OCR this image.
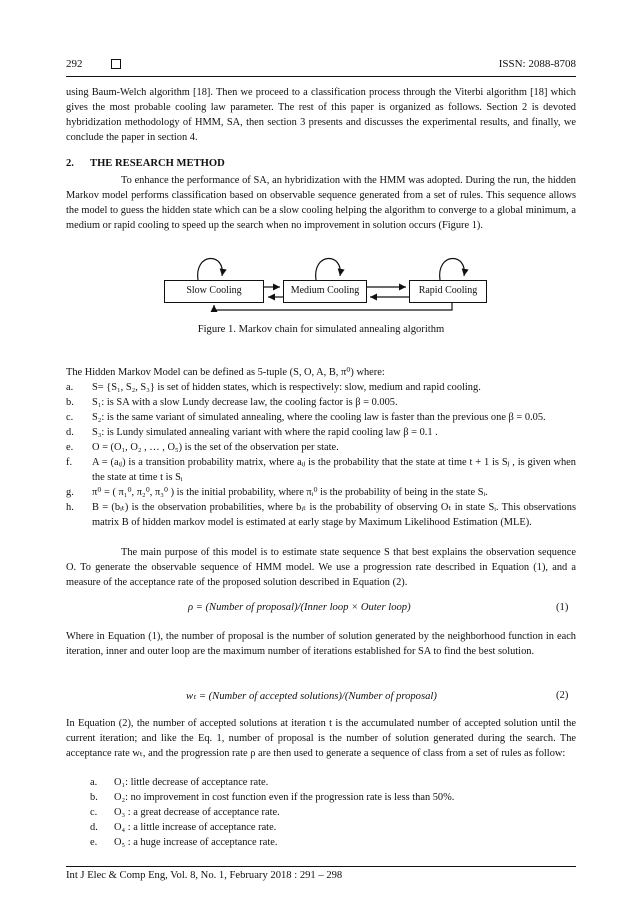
292	ISSN: 2088-8708

using Baum-Welch algorithm [18]. Then we proceed to a classification process through the Viterbi algorithm [18] which gives the most probable cooling law parameter. The rest of this paper is organized as follows. Section 2 is devoted hybridization methodology of HMM, SA, then section 3 presents and discusses the experimental results, and finally, we conclude the paper in section 4.

2. THE RESEARCH METHOD

To enhance the performance of SA, an hybridization with the HMM was adopted. During the run, the hidden Markov model performs classification based on observable sequence generated from a set of rules. This sequence allows the model to guess the hidden state which can be a slow cooling helping the algorithm to converge to a global minimum, a medium or rapid cooling to speed up the search when no improvement in solution occurs (Figure 1).

Slow Cooling	Medium Cooling	Rapid Cooling
Figure 1. Markov chain for simulated annealing algorithm

The Hidden Markov Model can be defined as 5-tuple (S, O, A, B, π⁰) where:

a.	S= {S₁, S₂, S₃} is set of hidden states, which is respectively: slow, medium and rapid cooling.
b.	S₁: is SA with a slow Lundy decrease law, the cooling factor is β = 0.005.
c.	S₂: is the same variant of simulated annealing, where the cooling law is faster than the previous one β = 0.05.
d.	S₃: is Lundy simulated annealing variant with where the rapid cooling law β = 0.1 .
e.	O = (O₁, O₂ , … , O₅) is the set of the observation per state.
f.	A = (aᵢⱼ) is a transition probability matrix, where aᵢⱼ is the probability that the state at time t + 1 is Sⱼ , is given when the state at time t is Sᵢ
g.	π⁰ = ( π₁⁰, π₂⁰, π₃⁰ ) is the initial probability, where πᵢ⁰ is the probability of being in the state Sᵢ.
h.	B = (bᵢₜ) is the observation probabilities, where bᵢₜ is the probability of observing Oₜ in state Sᵢ. This observations matrix B of hidden markov model is estimated at early stage by Maximum Likelihood Estimation (MLE).

The main purpose of this model is to estimate state sequence S that best explains the observation sequence O. To generate the observable sequence of HMM model. We use a progression rate described in Equation (1), and a measure of the acceptance rate of the proposed solution described in Equation (2).

ρ = (Number of proposal)/(Inner loop × Outer loop)	(1)

Where in Equation (1), the number of proposal is the number of solution generated by the neighborhood function in each iteration, inner and outer loop are the maximum number of iterations established for SA to find the best solution.

wₜ = (Number of accepted solutions)/(Number of proposal)	(2)

In Equation (2), the number of accepted solutions at iteration t is the accumulated number of accepted solution until the current iteration; and like the Eq. 1, number of proposal is the number of solution generated during the search. The acceptance rate wₜ, and the progression rate ρ are then used to generate a sequence of class from a set of rules as follow:

a.	O₁: little decrease of acceptance rate.
b.	O₂: no improvement in cost function even if the progression rate is less than 50%.
c.	O₃ : a great decrease of acceptance rate.
d.	O₄ : a little increase of acceptance rate.
e.	O₅ : a huge increase of acceptance rate.
Int J Elec & Comp Eng, Vol. 8, No. 1, February 2018 : 291 – 298
